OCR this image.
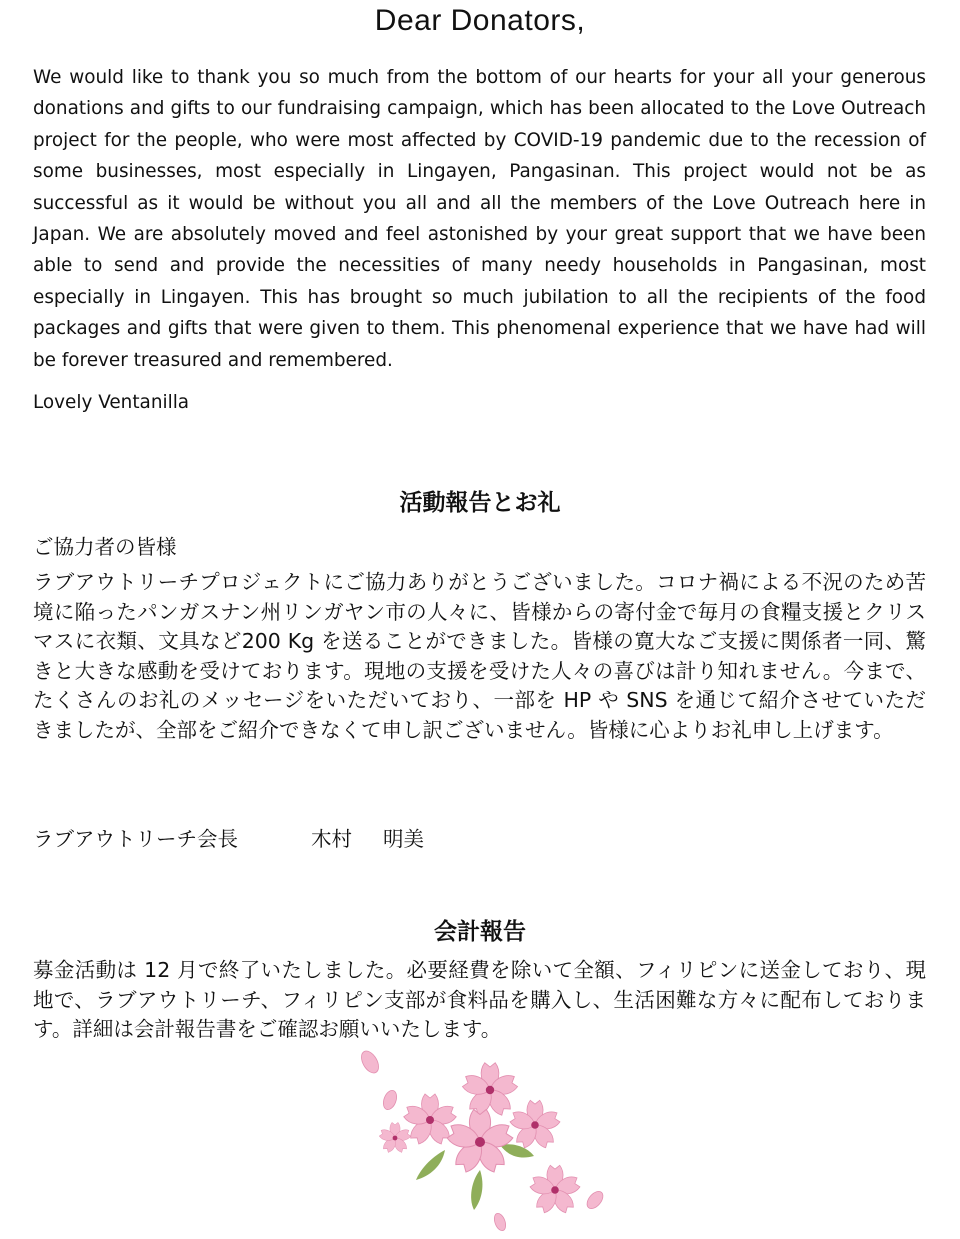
Dear Donators,

We would like to thank you so much from the bottom of our hearts for your all your generous donations and gifts to our fundraising campaign, which has been allocated to the Love Outreach project for the people, who were most affected by COVID-19 pandemic due to the recession of some businesses, most especially in Lingayen, Pangasinan. This project would not be as successful as it would be without you all and all the members of the Love Outreach here in Japan. We are absolutely moved and feel astonished by your great support that we have been able to send and provide the necessities of many needy households in Pangasinan, most especially in Lingayen. This has brought so much jubilation to all the recipients of the food packages and gifts that were given to them. This phenomenal experience that we have had will be forever treasured and remembered.

Lovely Ventanilla
活動報告とお礼
ご協力者の皆様

ラブアウトリーチプロジェクトにご協力ありがとうございました。コロナ禍による不況のため苦境に陥ったパンガスナン州リンガヤン市の人々に、皆様からの寄付金で毎月の食糧支援とクリスマスに衣類、文具など200 Kg を送ることができました。皆様の寛大なご支援に関係者一同、驚きと大きな感動を受けております。現地の支援を受けた人々の喜びは計り知れません。今まで、たくさんのお礼のメッセージをいただいており、一部を HP や SNS を通じて紹介させていただきましたが、全部をご紹介できなくて申し訳ございません。皆様に心よりお礼申し上げます。

ラブアウトリーチ会長	木村 明美
会計報告

募金活動は 12 月で終了いたしました。必要経費を除いて全額、フィリピンに送金しており、現地で、ラブアウトリーチ、フィリピン支部が食料品を購入し、生活困難な方々に配布しております。詳細は会計報告書をご確認お願いいたします。
